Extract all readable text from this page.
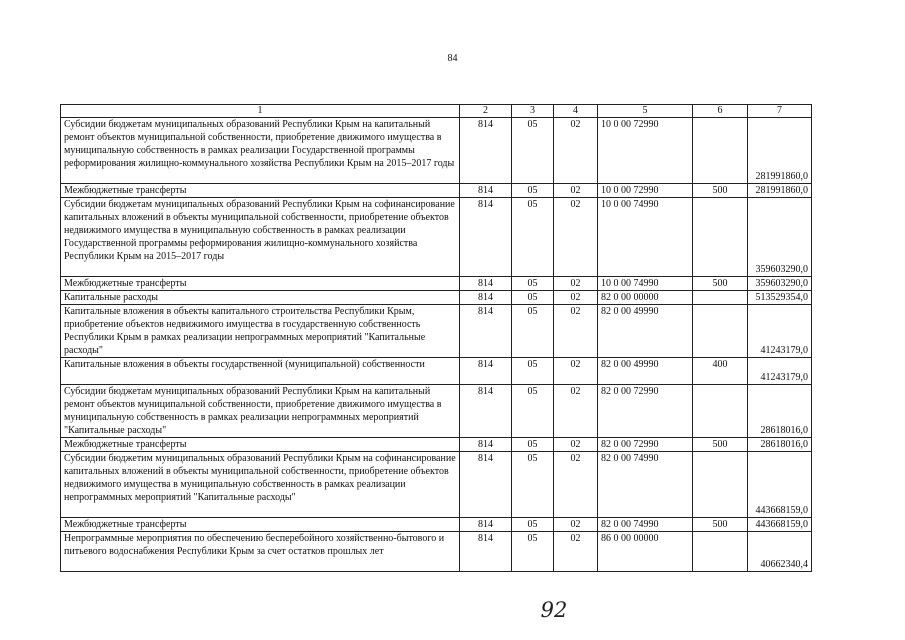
84
1	2	3	4	5	6	7
Субсидии бюджетам муниципальных образований Республики Крым на капитальный ремонт объектов муниципальной собственности, приобретение движимого имущества в муниципальную собственность в рамках реализации Государственной программы реформирования жилищно-коммунального хозяйства Республики Крым на 2015–2017 годы	814	05	02	10 0 00 72990		281991860,0
Межбюджетные трансферты	814	05	02	10 0 00 72990	500	281991860,0
Субсидии бюджетам муниципальных образований Республики Крым на софинансирование капитальных вложений в объекты муниципальной собственности, приобретение объектов недвижимого имущества в муниципальную собственность в рамках реализации Государственной программы реформирования жилищно-коммунального хозяйства Республики Крым на 2015–2017 годы	814	05	02	10 0 00 74990		359603290,0
Межбюджетные трансферты	814	05	02	10 0 00 74990	500	359603290,0
Капитальные расходы	814	05	02	82 0 00 00000		513529354,0
Капитальные вложения в объекты капитального строительства Республики Крым, приобретение объектов недвижимого имущества в государственную собственность Республики Крым в рамках реализации непрограммных мероприятий "Капитальные расходы"	814	05	02	82 0 00 49990		41243179,0
Капитальные вложения в объекты государственной (муниципальной) собственности	814	05	02	82 0 00 49990	400	41243179,0
Субсидии бюджетам муниципальных образований Республики Крым на капитальный ремонт объектов муниципальной собственности, приобретение движимого имущества в муниципальную собственность в рамках реализации непрограммных мероприятий "Капитальные расходы"	814	05	02	82 0 00 72990		28618016,0
Межбюджетные трансферты	814	05	02	82 0 00 72990	500	28618016,0
Субсидии бюджетим муниципальных образований Республики Крым на софинансирование капитальных вложений в объекты муниципальной собственности, приобретение объектов недвижимого имущества в муниципальную собственность в рамках реализации непрограммных мероприятий "Капитальные расходы"	814	05	02	82 0 00 74990		443668159,0
Межбюджетные трансферты	814	05	02	82 0 00 74990	500	443668159,0
Непрограммные мероприятия по обеспечению бесперебойного хозяйственно-бытового и питьевого водоснабжения Республики Крым за счет остатков прошлых лет	814	05	02	86 0 00 00000		40662340,4
92
